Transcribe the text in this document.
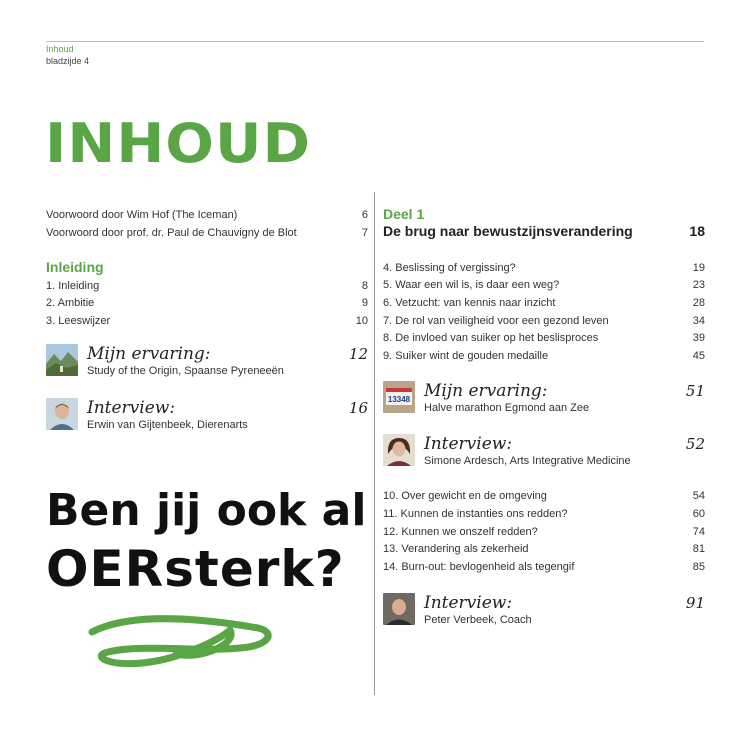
Inhoud
bladzijde 4
INHOUD
Voorwoord door Wim Hof (The Iceman)	6
Voorwoord door prof. dr. Paul de Chauvigny de Blot	7
Inleiding
1. Inleiding	8
2. Ambitie	9
3. Leeswijzer	10
Mijn ervaring:	12
Study of the Origin, Spaanse Pyreneeën
Interview:	16
Erwin van Gijtenbeek, Dierenarts
Ben jij ook al
OERsterk?
Deel 1
De brug naar bewustzijnsverandering	18
4. Beslissing of vergissing?	19
5. Waar een wil is, is daar een weg?	23
6. Vetzucht: van kennis naar inzicht	28
7. De rol van veiligheid voor een gezond leven	34
8. De invloed van suiker op het beslisproces	39
9. Suiker wint de gouden medaille	45
13348 Mijn ervaring:	51
Halve marathon Egmond aan Zee
Interview:	52
Simone Ardesch, Arts Integrative Medicine
10. Over gewicht en de omgeving	54
11. Kunnen de instanties ons redden?	60
12. Kunnen we onszelf redden?	74
13. Verandering als zekerheid	81
14. Burn-out: bevlogenheid als tegengif	85
Interview:	91
Peter Verbeek, Coach
